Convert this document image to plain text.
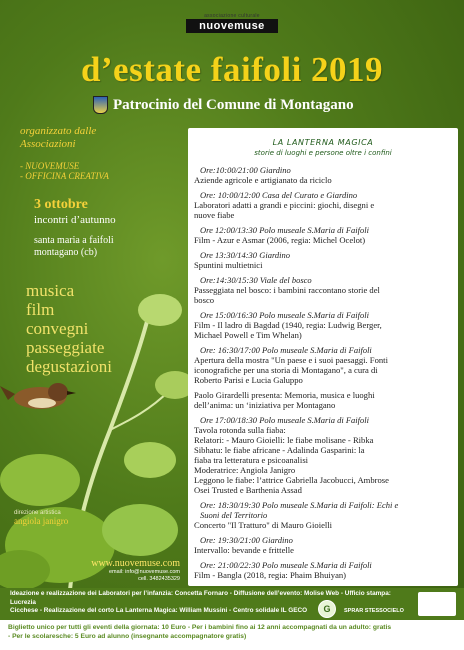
associazione culturale
nuovemuse
d’estate faifoli 2019
Patrocinio del Comune di Montagano
organizzato dalle Associazioni
- NUOVEMUSE
- OFFICINA CREATIVA
3 ottobre
incontri d’autunno
santa maria a faifoli
montagano (cb)
musica
film
convegni
passeggiate
degustazioni
direzione artistica
angiola janigro
www.nuovemuse.com
email: info@nuovemuse.com
cell. 3482435329
LA LANTERNA MAGICA
storie di luoghi e persone oltre i confini
Ore:10:00/21:00 Giardino
Aziende agricole e artigianato da riciclo
Ore: 10:00/12:00 Casa del Curato e Giardino
Laboratori adatti a grandi e piccini: giochi, disegni e
nuove fiabe
Ore 12:00/13:30 Polo museale S.Maria di Faifoli
Film - Azur e Asmar (2006, regia: Michel Ocelot)
Ore 13:30/14:30 Giardino
Spuntini multietnici
Ore:14:30/15:30 Viale del bosco
Passeggiata nel bosco: i bambini raccontano storie del
bosco
Ore 15:00/16:30 Polo museale S.Maria di Faifoli
Film - Il ladro di Bagdad (1940, regia: Ludwig Berger,
Michael Powell e Tim Whelan)
Ore: 16:30/17:00 Polo museale S.Maria di Faifoli
Apertura della mostra "Un paese e i suoi paesaggi. Fonti
iconografiche per una storia di Montagano", a cura di
Roberto Parisi e Lucia Galuppo
Paolo Girardelli presenta: Memoria, musica e luoghi
dell’anima: un ‘iniziativa per Montagano
Ore 17:00/18:30 Polo museale S.Maria di Faifoli
Tavola rotonda sulla fiaba:
Relatori: - Mauro Gioielli: le fiabe molisane - Ribka
Sibhatu: le fiabe africane - Adalinda Gasparini: la
fiaba tra letteratura e psicoanalisi
Moderatrice: Angiola Janigro
Leggono le fiabe: l’attrice Gabriella Jacobucci, Ambrose
Osei Trusted e Barthenia Assad
Ore: 18:30/19:30 Polo museale S.Maria di Faifoli: Echi e
Suoni del Territorio
Concerto "Il Tratturo" di Mauro Gioielli
Ore: 19:30/21:00 Giardino
Intervallo: bevande e frittelle
Ore: 21:00/22:30 Polo museale S.Maria di Faifoli
Film - Bangla (2018, regia: Phaim Bhuiyan)
Ideazione e realizzazione dei Laboratori per l’infanzia: Concetta Fornaro - Diffusione dell’evento: Molise Web - Ufficio stampa: Lucrezia
Cicchese - Realizzazione del corto La Lanterna Magica: William Mussini - Centro solidale IL GECO	G	SPRAR STESSOCIELO
Biglietto unico per tutti gli eventi della giornata: 10 Euro - Per i bambini fino ai 12 anni accompagnati da un adulto: gratis
- Per le scolaresche: 5 Euro ad alunno (insegnante accompagnatore gratis)
